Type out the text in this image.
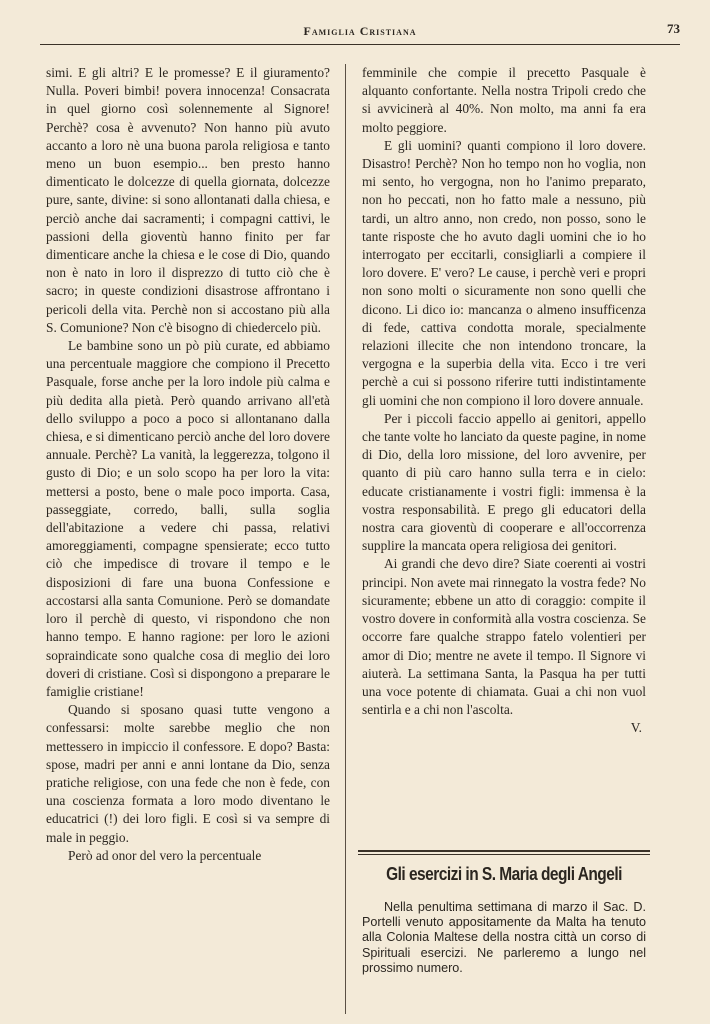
Famiglia Cristiana	73

simi. E gli altri? E le promesse? E il giuramento? Nulla. Poveri bimbi! povera innocenza! Consacrata in quel giorno così solennemente al Signore! Perchè? cosa è avvenuto? Non hanno più avuto accanto a loro nè una buona parola religiosa e tanto meno un buon esempio... ben presto hanno dimenticato le dolcezze di quella giornata, dolcezze pure, sante, divine: si sono allontanati dalla chiesa, e perciò anche dai sacramenti; i compagni cattivi, le passioni della gioventù hanno finito per far dimenticare anche la chiesa e le cose di Dio, quando non è nato in loro il disprezzo di tutto ciò che è sacro; in queste condizioni disastrose affrontano i pericoli della vita. Perchè non si accostano più alla S. Comunione? Non c'è bisogno di chiedercelo più.

Le bambine sono un pò più curate, ed abbiamo una percentuale maggiore che compiono il Precetto Pasquale, forse anche per la loro indole più calma e più dedita alla pietà. Però quando arrivano all'età dello sviluppo a poco a poco si allontanano dalla chiesa, e si dimenticano perciò anche del loro dovere annuale. Perchè? La vanità, la leggerezza, tolgono il gusto di Dio; e un solo scopo ha per loro la vita: mettersi a posto, bene o male poco importa. Casa, passeggiate, corredo, balli, sulla soglia dell'abitazione a vedere chi passa, relativi amoreggiamenti, compagne spensierate; ecco tutto ciò che impedisce di trovare il tempo e le disposizioni di fare una buona Confessione e accostarsi alla santa Comunione. Però se domandate loro il perchè di questo, vi rispondono che non hanno tempo. E hanno ragione: per loro le azioni sopraindicate sono qualche cosa di meglio dei loro doveri di cristiane. Così si dispongono a preparare le famiglie cristiane!

Quando si sposano quasi tutte vengono a confessarsi: molte sarebbe meglio che non mettessero in impiccio il confessore. E dopo? Basta: spose, madri per anni e anni lontane da Dio, senza pratiche religiose, con una fede che non è fede, con una coscienza formata a loro modo diventano le educatrici (!) dei loro figli. E così si va sempre di male in peggio.

Però ad onor del vero la percentuale

femminile che compie il precetto Pasquale è alquanto confortante. Nella nostra Tripoli credo che si avvicinerà al 40%. Non molto, ma anni fa era molto peggiore.

E gli uomini? quanti compiono il loro dovere. Disastro! Perchè? Non ho tempo non ho voglia, non mi sento, ho vergogna, non ho l'animo preparato, non ho peccati, non ho fatto male a nessuno, più tardi, un altro anno, non credo, non posso, sono le tante risposte che ho avuto dagli uomini che io ho interrogato per eccitarli, consigliarli a compiere il loro dovere. E' vero? Le cause, i perchè veri e propri non sono molti o sicuramente non sono quelli che dicono. Li dico io: mancanza o almeno insufficenza di fede, cattiva condotta morale, specialmente relazioni illecite che non intendono troncare, la vergogna e la superbia della vita. Ecco i tre veri perchè a cui si possono riferire tutti indistintamente gli uomini che non compiono il loro dovere annuale.

Per i piccoli faccio appello ai genitori, appello che tante volte ho lanciato da queste pagine, in nome di Dio, della loro missione, del loro avvenire, per quanto di più caro hanno sulla terra e in cielo: educate cristianamente i vostri figli: immensa è la vostra responsabilità. E prego gli educatori della nostra cara gioventù di cooperare e all'occorrenza supplire la mancata opera religiosa dei genitori.

Ai grandi che devo dire? Siate coerenti ai vostri principi. Non avete mai rinnegato la vostra fede? No sicuramente; ebbene un atto di coraggio: compite il vostro dovere in conformità alla vostra coscienza. Se occorre fare qualche strappo fatelo volentieri per amor di Dio; mentre ne avete il tempo. Il Signore vi aiuterà. La settimana Santa, la Pasqua ha per tutti una voce potente di chiamata. Guai a chi non vuol sentirla e a chi non l'ascolta.

V.

Gli esercizi in S. Maria degli Angeli

Nella penultima settimana di marzo il Sac. D. Portelli venuto appositamente da Malta ha tenuto alla Colonia Maltese della nostra città un corso di Spirituali esercizi. Ne parleremo a lungo nel prossimo numero.
